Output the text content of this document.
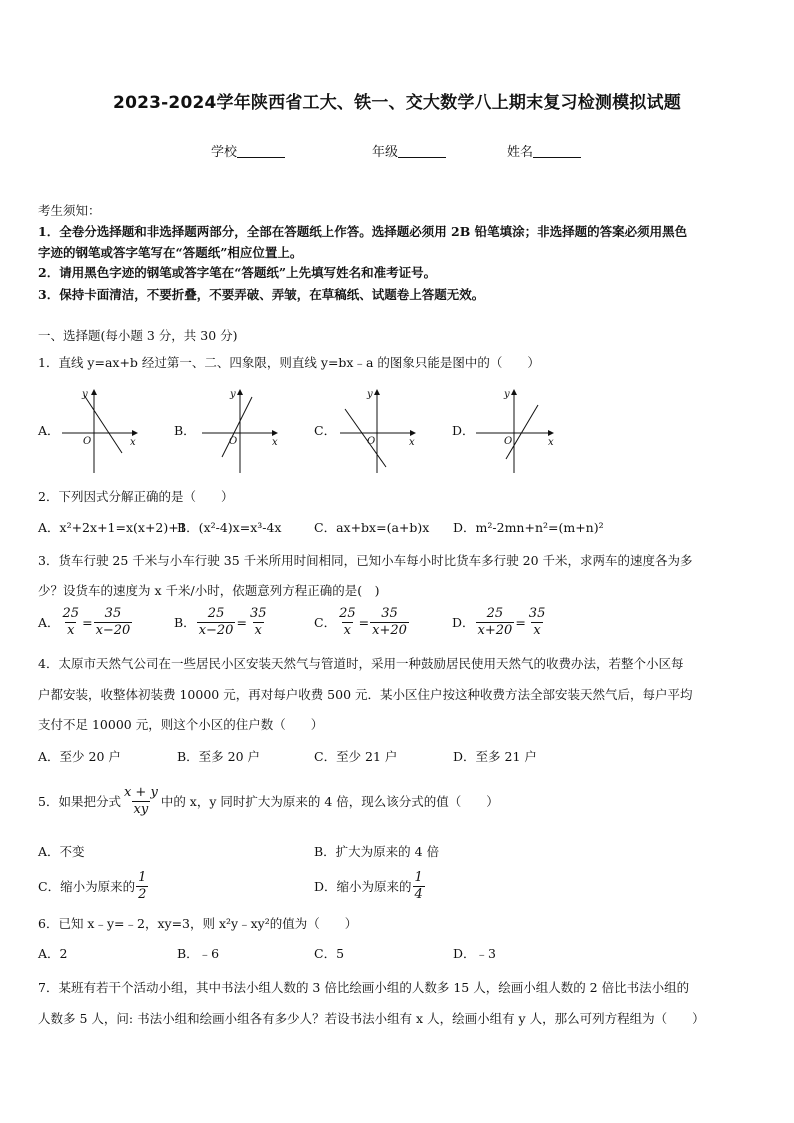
2023-2024学年陕西省工大、铁一、交大数学八上期末复习检测模拟试题
学校	年级	姓名
考生须知：
1．全卷分选择题和非选择题两部分，全部在答题纸上作答。选择题必须用 2B 铅笔填涂；非选择题的答案必须用黑色
字迹的钢笔或答字笔写在“答题纸”相应位置上。
2．请用黑色字迹的钢笔或答字笔在“答题纸”上先填写姓名和准考证号。
3．保持卡面清洁，不要折叠，不要弄破、弄皱，在草稿纸、试题卷上答题无效。
一、选择题(每小题 3 分，共 30 分)
1．直线 y=ax+b 经过第一、二、四象限，则直线 y=bx﹣a 的图象只能是图中的（　　）
A．
y
x
O
B．
y
x
O
C．
y
x
O
D．
y
x
O
2．下列因式分解正确的是（　　）
A．x²+2x+1=x(x+2)+1
B．(x²-4)x=x³-4x	C．ax+bx=(a+b)x D．m²-2mn+n²=(m+n)²
3．货车行驶 25 千米与小车行驶 35 千米所用时间相同，已知小车每小时比货车多行驶 20 千米，求两车的速度各为多
少？设货车的速度为 x 千米/小时，依题意列方程正确的是(　)
A． $\frac{25}{x} = \frac{35}{x-20}$	B． $\frac{25}{x-20} = \frac{35}{x}$	C． $\frac{25}{x} = \frac{35}{x+20}$	D． $\frac{25}{x+20} = \frac{35}{x}$
4．太原市天然气公司在一些居民小区安装天然气与管道时，采用一种鼓励居民使用天然气的收费办法，若整个小区每
户都安装，收整体初装费 10000 元，再对每户收费 500 元．某小区住户按这种收费方法全部安装天然气后，每户平均
支付不足 10000 元，则这个小区的住户数（　　）
A．至少 20 户	B．至多 20 户	C．至少 21 户	D．至多 21 户
5．如果把分式 $\frac{x + y}{xy}$ 中的 x，y 同时扩大为原来的 4 倍，现么该分式的值（　　）
A．不变	B．扩大为原来的 4 倍
C．缩小为原来的 $\frac{1}{2}$	D．缩小为原来的 $\frac{1}{4}$
6．已知 x﹣y=﹣2，xy=3，则 x²y﹣xy²的值为（　　）
A．2	B．﹣6	C．5	D．﹣3
7．某班有若干个活动小组，其中书法小组人数的 3 倍比绘画小组的人数多 15 人，绘画小组人数的 2 倍比书法小组的
人数多 5 人，问: 书法小组和绘画小组各有多少人？若设书法小组有 x 人，绘画小组有 y 人，那么可列方程组为（　　）
